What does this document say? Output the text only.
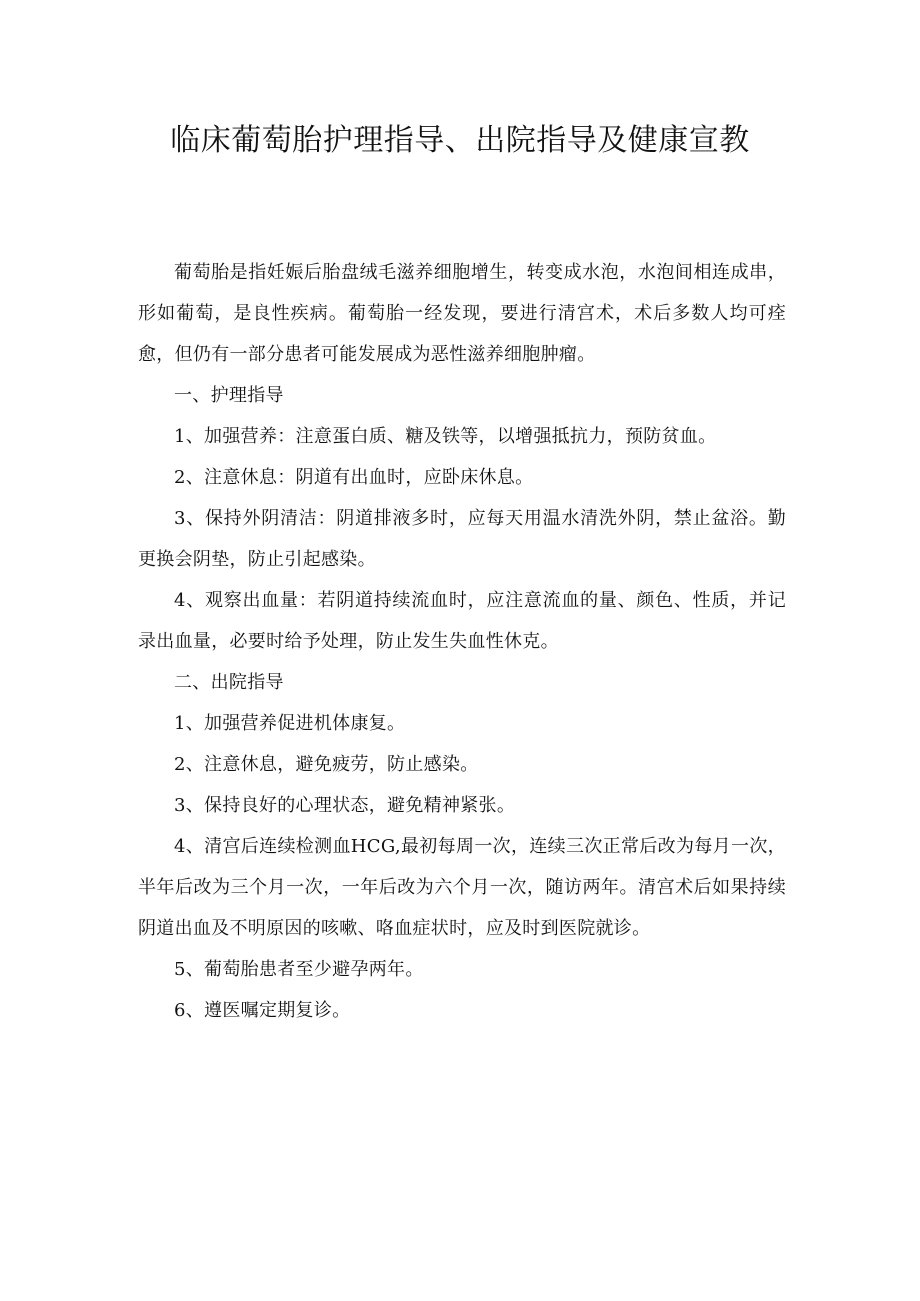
临床葡萄胎护理指导、出院指导及健康宣教

葡萄胎是指妊娠后胎盘绒毛滋养细胞增生，转变成水泡，水泡间相连成串，形如葡萄，是良性疾病。葡萄胎一经发现，要进行清宫术，术后多数人均可痊愈，但仍有一部分患者可能发展成为恶性滋养细胞肿瘤。

一、护理指导

1、加强营养：注意蛋白质、糖及铁等，以增强抵抗力，预防贫血。

2、注意休息：阴道有出血时，应卧床休息。

3、保持外阴清洁：阴道排液多时，应每天用温水清洗外阴，禁止盆浴。勤更换会阴垫，防止引起感染。

4、观察出血量：若阴道持续流血时，应注意流血的量、颜色、性质，并记录出血量，必要时给予处理，防止发生失血性休克。

二、出院指导

1、加强营养促进机体康复。

2、注意休息，避免疲劳，防止感染。

3、保持良好的心理状态，避免精神紧张。

4、清宫后连续检测血HCG,最初每周一次，连续三次正常后改为每月一次，半年后改为三个月一次，一年后改为六个月一次，随访两年。清宫术后如果持续阴道出血及不明原因的咳嗽、咯血症状时，应及时到医院就诊。

5、葡萄胎患者至少避孕两年。

6、遵医嘱定期复诊。
